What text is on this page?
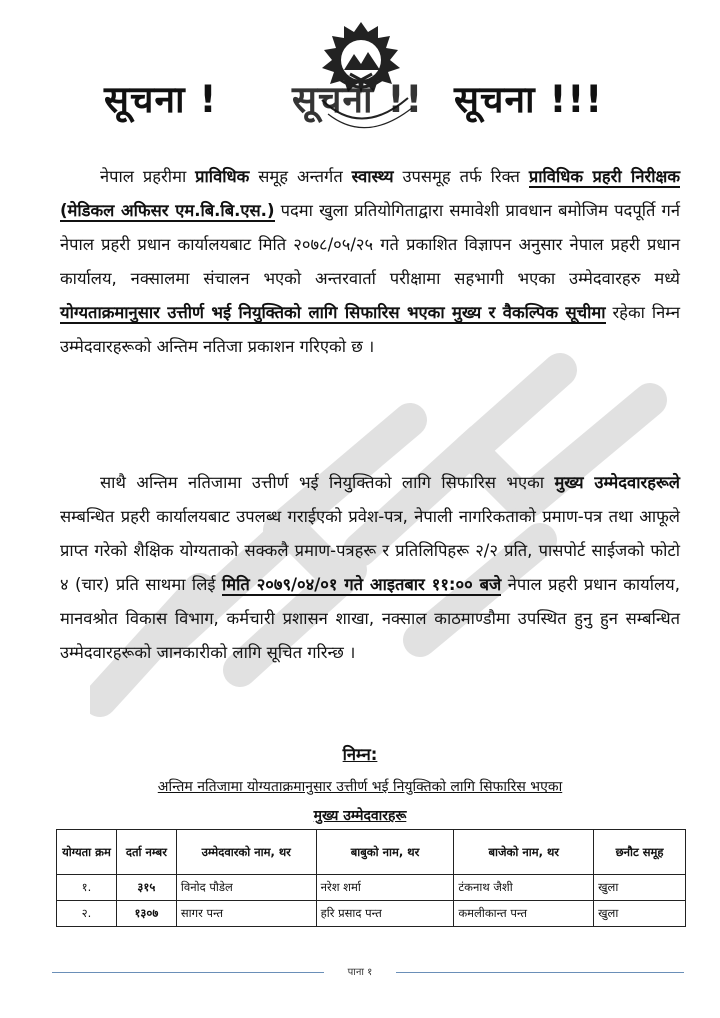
सूचना ! सूचना !! सूचना !!!
नेपाल प्रहरीमा प्राविधिक समूह अन्तर्गत स्वास्थ्य उपसमूह तर्फ रिक्त प्राविधिक प्रहरी निरीक्षक (मेडिकल अफिसर एम.बि.बि.एस.) पदमा खुला प्रतियोगिताद्वारा समावेशी प्रावधान बमोजिम पदपूर्ति गर्न नेपाल प्रहरी प्रधान कार्यालयबाट मिति २०७८/०५/२५ गते प्रकाशित विज्ञापन अनुसार नेपाल प्रहरी प्रधान कार्यालय, नक्सालमा संचालन भएको अन्तरवार्ता परीक्षामा सहभागी भएका उम्मेदवारहरु मध्ये योग्यताक्रमानुसार उत्तीर्ण भई नियुक्तिको लागि सिफारिस भएका मुख्य र वैकल्पिक सूचीमा रहेका निम्न उम्मेदवारहरूको अन्तिम नतिजा प्रकाशन गरिएको छ ।
साथै अन्तिम नतिजामा उत्तीर्ण भई नियुक्तिको लागि सिफारिस भएका मुख्य उम्मेदवारहरूले सम्बन्धित प्रहरी कार्यालयबाट उपलब्ध गराईएको प्रवेश-पत्र, नेपाली नागरिकताको प्रमाण-पत्र तथा आफूले प्राप्त गरेको शैक्षिक योग्यताको सक्कलै प्रमाण-पत्रहरू र प्रतिलिपिहरू २/२ प्रति, पासपोर्ट साईजको फोटो ४ (चार) प्रति साथमा लिई मिति २०७९/०४/०१ गते आइतबार ११:०० बजे नेपाल प्रहरी प्रधान कार्यालय, मानवश्रोत विकास विभाग, कर्मचारी प्रशासन शाखा, नक्साल काठमाण्डौमा उपस्थित हुनु हुन सम्बन्धित उम्मेदवारहरूको जानकारीको लागि सूचित गरिन्छ ।
निम्न:
अन्तिम नतिजामा योग्यताक्रमानुसार उत्तीर्ण भई नियुक्तिको लागि सिफारिस भएका
मुख्य उम्मेदवारहरू
योग्यता क्रम	दर्ता नम्बर	उम्मेदवारको नाम, थर	बाबुको नाम, थर	बाजेको नाम, थर	छनौट समूह
१.	३१५	विनोद पौडेल	नरेश शर्मा	टंकनाथ जैशी	खुला
२.	१३०७	सागर पन्त	हरि प्रसाद पन्त	कमलीकान्त पन्त	खुला
पाना १
